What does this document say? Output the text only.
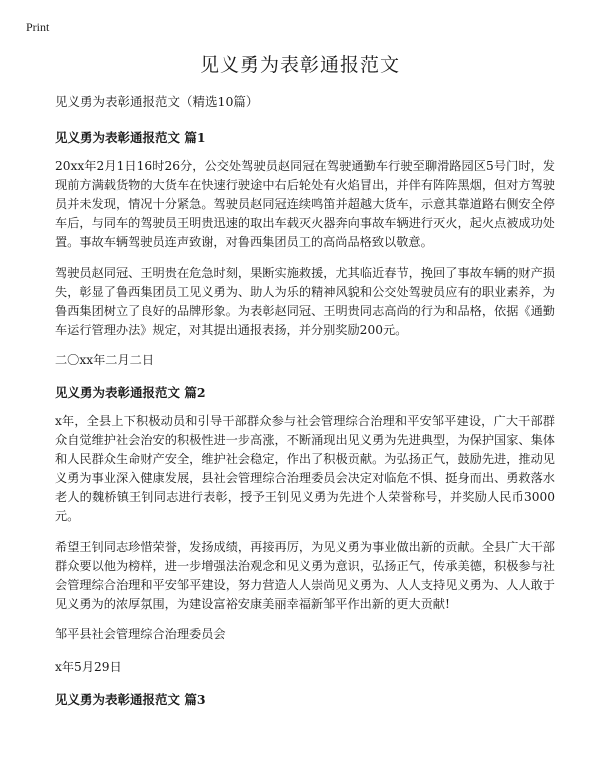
Print
见义勇为表彰通报范文

见义勇为表彰通报范文（精选10篇）

见义勇为表彰通报范文 篇1

20xx年2月1日16时26分，公交处驾驶员赵同冠在驾驶通勤车行驶至聊滑路园区5号门时，发现前方满载货物的大货车在快速行驶途中右后轮处有火焰冒出，并伴有阵阵黑烟，但对方驾驶员并未发现，情况十分紧急。驾驶员赵同冠连续鸣笛并超越大货车，示意其靠道路右侧安全停车后，与同车的驾驶员王明贵迅速的取出车载灭火器奔向事故车辆进行灭火，起火点被成功处置。事故车辆驾驶员连声致谢，对鲁西集团员工的高尚品格致以敬意。

驾驶员赵同冠、王明贵在危急时刻，果断实施救援，尤其临近春节，挽回了事故车辆的财产损失，彰显了鲁西集团员工见义勇为、助人为乐的精神风貌和公交处驾驶员应有的职业素养，为鲁西集团树立了良好的品牌形象。为表彰赵同冠、王明贵同志高尚的行为和品格，依据《通勤车运行管理办法》规定，对其提出通报表扬，并分别奖励200元。

二〇xx年二月二日

见义勇为表彰通报范文 篇2

x年，全县上下积极动员和引导干部群众参与社会管理综合治理和平安邹平建设，广大干部群众自觉维护社会治安的积极性进一步高涨，不断涌现出见义勇为先进典型，为保护国家、集体和人民群众生命财产安全，维护社会稳定，作出了积极贡献。为弘扬正气，鼓励先进，推动见义勇为事业深入健康发展，县社会管理综合治理委员会决定对临危不惧、挺身而出、勇救落水老人的魏桥镇王钊同志进行表彰，授予王钊见义勇为先进个人荣誉称号，并奖励人民币3000元。

希望王钊同志珍惜荣誉，发扬成绩，再接再厉，为见义勇为事业做出新的贡献。全县广大干部群众要以他为榜样，进一步增强法治观念和见义勇为意识，弘扬正气，传承美德，积极参与社会管理综合治理和平安邹平建设，努力营造人人崇尚见义勇为、人人支持见义勇为、人人敢于见义勇为的浓厚氛围，为建设富裕安康美丽幸福新邹平作出新的更大贡献!

邹平县社会管理综合治理委员会

x年5月29日

见义勇为表彰通报范文 篇3
